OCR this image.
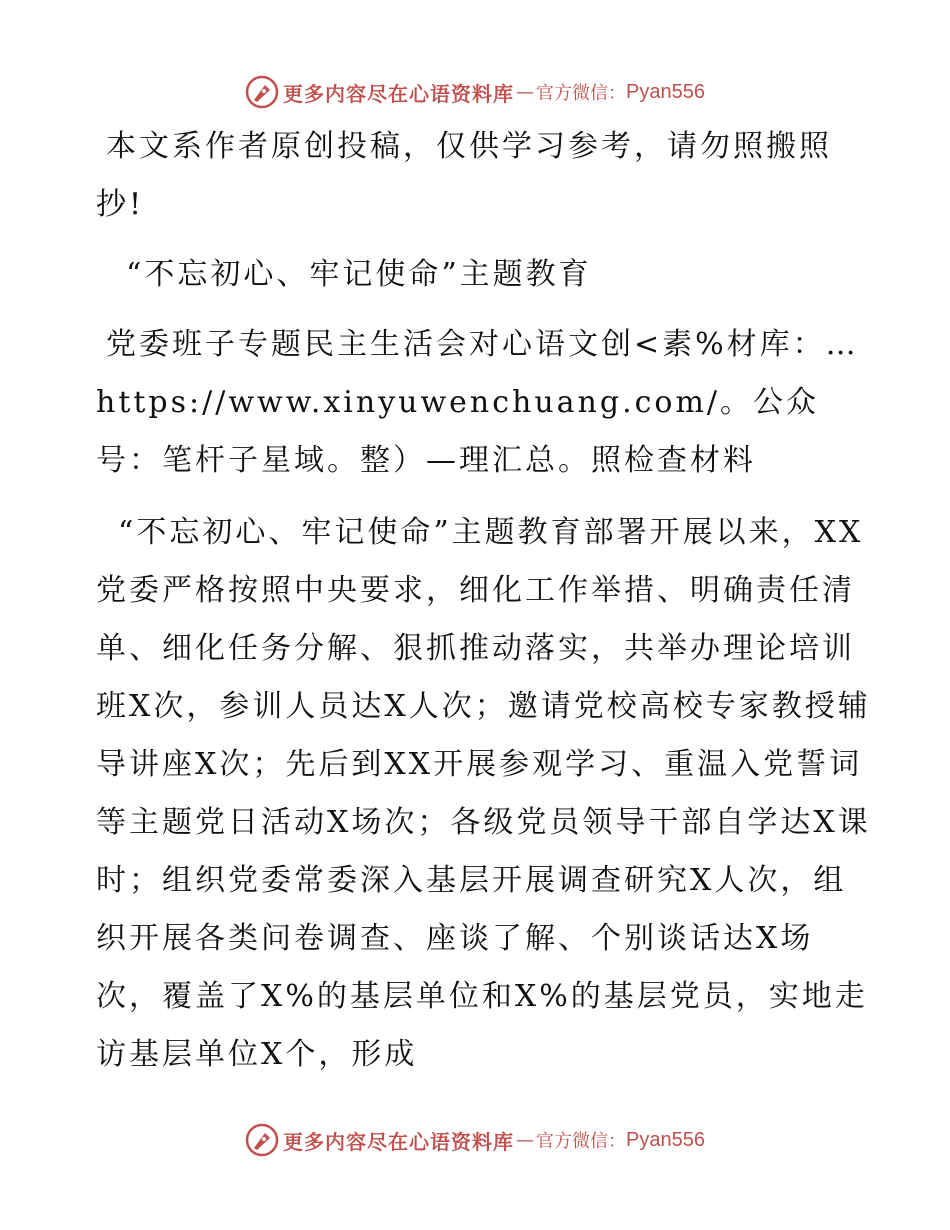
更多内容尽在心语资料库 — 官方微信： Pyan556

本文系作者原创投稿，仅供学习参考，请勿照搬照抄!

“不忘初心、牢记使命”主题教育

党委班子专题民主生活会对心语文创<素%材库：…https://www.xinyuwenchuang.com/。公众号：笔杆子星域。整）—理汇总。照检查材料

“不忘初心、牢记使命”主题教育部署开展以来，XX党委严格按照中央要求，细化工作举措、明确责任清单、细化任务分解、狠抓推动落实，共举办理论培训班X次，参训人员达X人次；邀请党校高校专家教授辅导讲座X次；先后到XX开展参观学习、重温入党誓词等主题党日活动X场次；各级党员领导干部自学达X课时；组织党委常委深入基层开展调查研究X人次，组织开展各类问卷调查、座谈了解、个别谈话达X场次，覆盖了X%的基层单位和X%的基层党员，实地走访基层单位X个，形成

更多内容尽在心语资料库 — 官方微信： Pyan556
